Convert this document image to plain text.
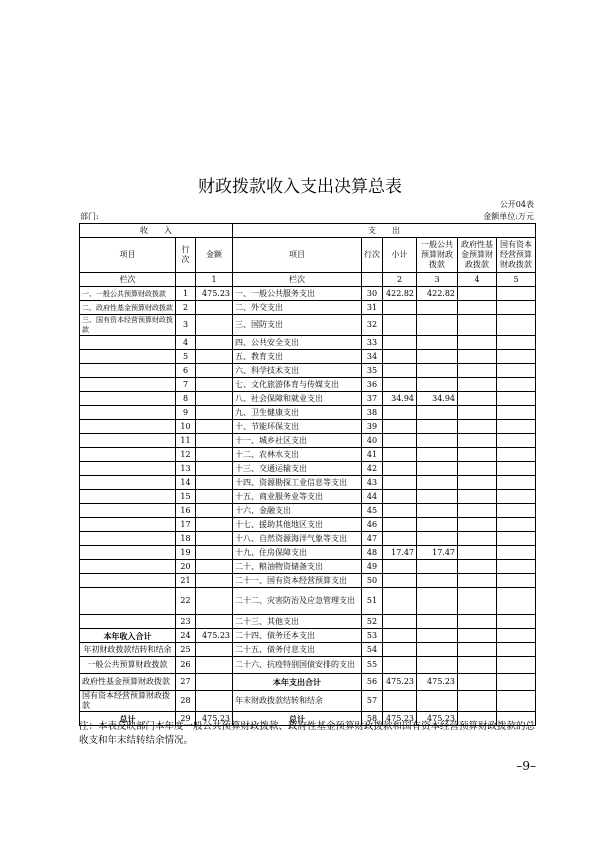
财政拨款收入支出决算总表
公开04表
部门:	金额单位:万元
收　　入			支　　出					
项目	行次	金额	项目	行次	小计	一般公共预算财政拨款	政府性基金预算财政拨款	国有资本经营预算财政拨款
栏次		1	栏次		2	3	4	5
一、一般公共预算财政拨款	1	475.23	一、一般公共服务支出	30	422.82	422.82		
二、政府性基金预算财政拨款	2		二、外交支出	31				
三、国有资本经营预算财政拨款	3		三、国防支出	32				
	4		四、公共安全支出	33				
	5		五、教育支出	34				
	6		六、科学技术支出	35				
	7		七、文化旅游体育与传媒支出	36				
	8		八、社会保障和就业支出	37	34.94	34.94		
	9		九、卫生健康支出	38				
	10		十、节能环保支出	39				
	11		十一、城乡社区支出	40				
	12		十二、农林水支出	41				
	13		十三、交通运输支出	42				
	14		十四、资源勘探工业信息等支出	43				
	15		十五、商业服务业等支出	44				
	16		十六、金融支出	45				
	17		十七、援助其他地区支出	46				
	18		十八、自然资源海洋气象等支出	47				
	19		十九、住房保障支出	48	17.47	17.47		
	20		二十、粮油物资储备支出	49				
	21		二十一、国有资本经营预算支出	50				
	22		二十二、灾害防治及应急管理支出	51				
	23		二十三、其他支出	52				
本年收入合计	24	475.23	二十四、债务还本支出	53				
年初财政拨款结转和结余	25		二十五、债务付息支出	54				
一般公共预算财政拨款	26		二十六、抗疫特别国债安排的支出	55				
政府性基金预算财政拨款	27		本年支出合计	56	475.23	475.23		
国有资本经营预算财政拨款	28		年末财政拨款结转和结余	57				
总计	29	475.23	总计	58	475.23	475.23		
注：本表反映部门本年度一般公共预算财政拨款、政府性基金预算财政拨款和国有资本经营预算财政拨款的总收支和年末结转结余情况。
–9–
